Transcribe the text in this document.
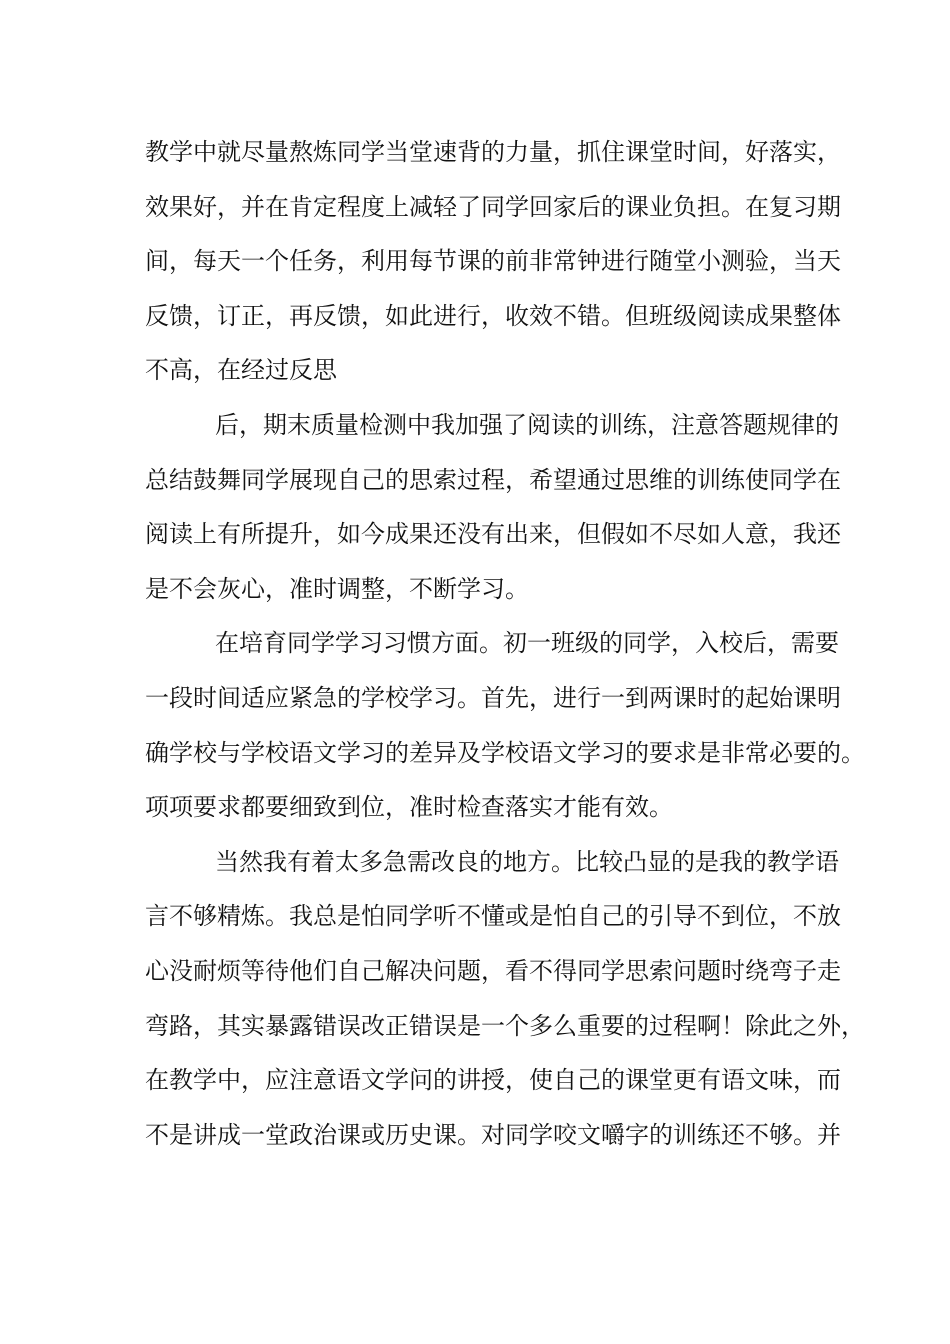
教学中就尽量熬炼同学当堂速背的力量，抓住课堂时间，好落实，
效果好，并在肯定程度上减轻了同学回家后的课业负担。在复习期
间，每天一个任务，利用每节课的前非常钟进行随堂小测验，当天
反馈，订正，再反馈，如此进行，收效不错。但班级阅读成果整体
不高，在经过反思
后，期末质量检测中我加强了阅读的训练，注意答题规律的
总结鼓舞同学展现自己的思索过程，希望通过思维的训练使同学在
阅读上有所提升，如今成果还没有出来，但假如不尽如人意，我还
是不会灰心，准时调整，不断学习。
在培育同学学习习惯方面。初一班级的同学，入校后，需要
一段时间适应紧急的学校学习。首先，进行一到两课时的起始课明
确学校与学校语文学习的差异及学校语文学习的要求是非常必要的。
项项要求都要细致到位，准时检查落实才能有效。
当然我有着太多急需改良的地方。比较凸显的是我的教学语
言不够精炼。我总是怕同学听不懂或是怕自己的引导不到位，不放
心没耐烦等待他们自己解决问题，看不得同学思索问题时绕弯子走
弯路，其实暴露错误改正错误是一个多么重要的过程啊！除此之外，
在教学中，应注意语文学问的讲授，使自己的课堂更有语文味，而
不是讲成一堂政治课或历史课。对同学咬文嚼字的训练还不够。并
